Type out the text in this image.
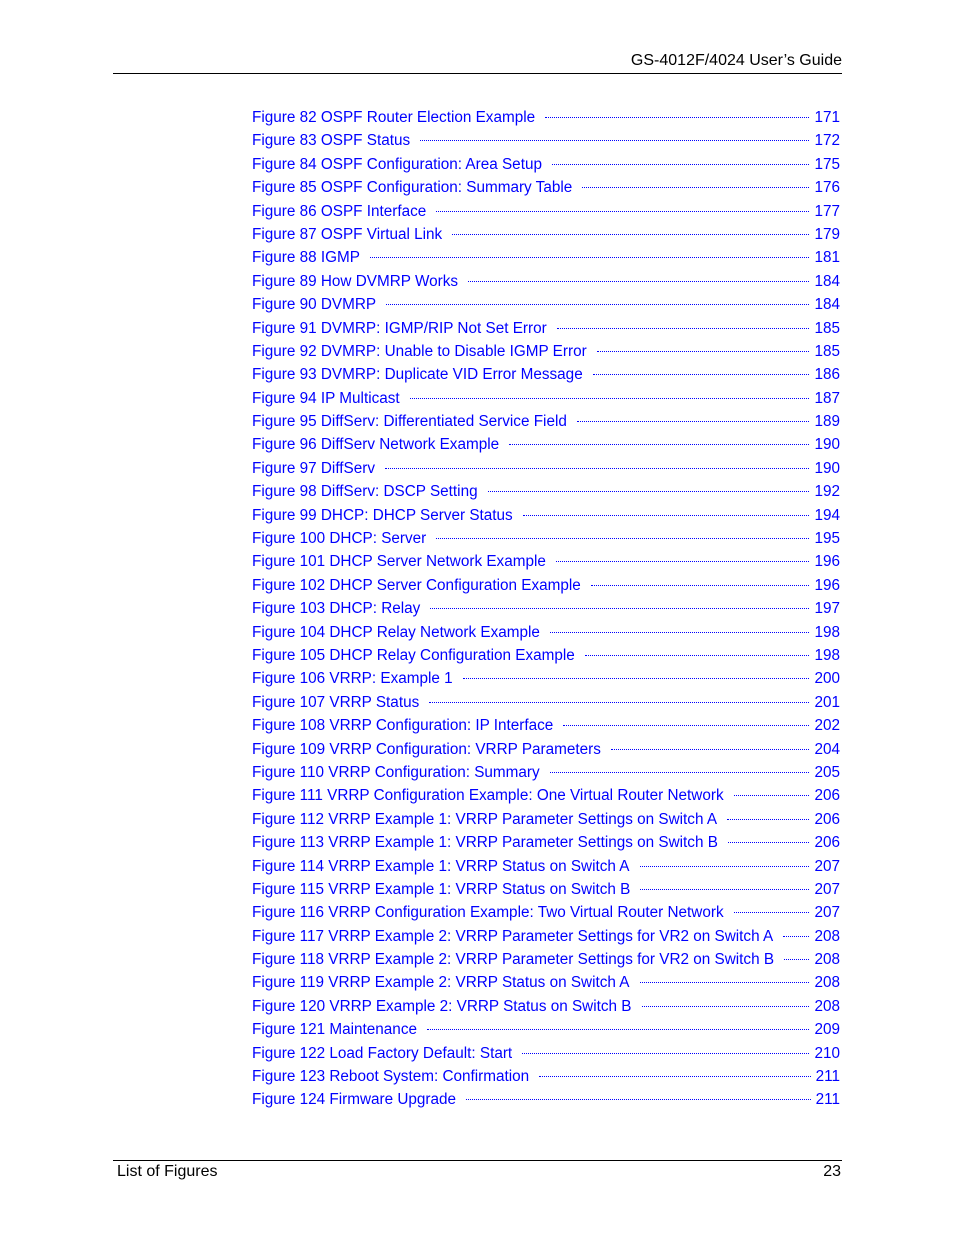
GS-4012F/4024 User’s Guide
Figure 82 OSPF Router Election Example	171
Figure 83 OSPF Status	172
Figure 84 OSPF Configuration: Area Setup	175
Figure 85 OSPF Configuration: Summary Table	176
Figure 86 OSPF Interface	177
Figure 87 OSPF Virtual Link	179
Figure 88 IGMP	181
Figure 89 How DVMRP Works	184
Figure 90 DVMRP	184
Figure 91 DVMRP: IGMP/RIP Not Set Error	185
Figure 92 DVMRP: Unable to Disable IGMP Error	185
Figure 93 DVMRP: Duplicate VID Error Message	186
Figure 94 IP Multicast	187
Figure 95 DiffServ: Differentiated Service Field	189
Figure 96 DiffServ Network Example	190
Figure 97 DiffServ	190
Figure 98 DiffServ: DSCP Setting	192
Figure 99 DHCP: DHCP Server Status	194
Figure 100 DHCP: Server	195
Figure 101 DHCP Server Network Example	196
Figure 102 DHCP Server Configuration Example	196
Figure 103 DHCP: Relay	197
Figure 104 DHCP Relay Network Example	198
Figure 105 DHCP Relay Configuration Example	198
Figure 106 VRRP: Example 1	200
Figure 107 VRRP Status	201
Figure 108 VRRP Configuration: IP Interface	202
Figure 109 VRRP Configuration: VRRP Parameters	204
Figure 110 VRRP Configuration: Summary	205
Figure 111 VRRP Configuration Example: One Virtual Router Network	206
Figure 112 VRRP Example 1: VRRP Parameter Settings on Switch A	206
Figure 113 VRRP Example 1: VRRP Parameter Settings on Switch B	206
Figure 114 VRRP Example 1: VRRP Status on Switch A	207
Figure 115 VRRP Example 1: VRRP Status on Switch B	207
Figure 116 VRRP Configuration Example: Two Virtual Router Network	207
Figure 117 VRRP Example 2: VRRP Parameter Settings for VR2 on Switch A	208
Figure 118 VRRP Example 2: VRRP Parameter Settings for VR2 on Switch B	208
Figure 119 VRRP Example 2: VRRP Status on Switch A	208
Figure 120 VRRP Example 2: VRRP Status on Switch B	208
Figure 121 Maintenance	209
Figure 122 Load Factory Default: Start	210
Figure 123 Reboot System: Confirmation	211
Figure 124 Firmware Upgrade	211
List of Figures	23
